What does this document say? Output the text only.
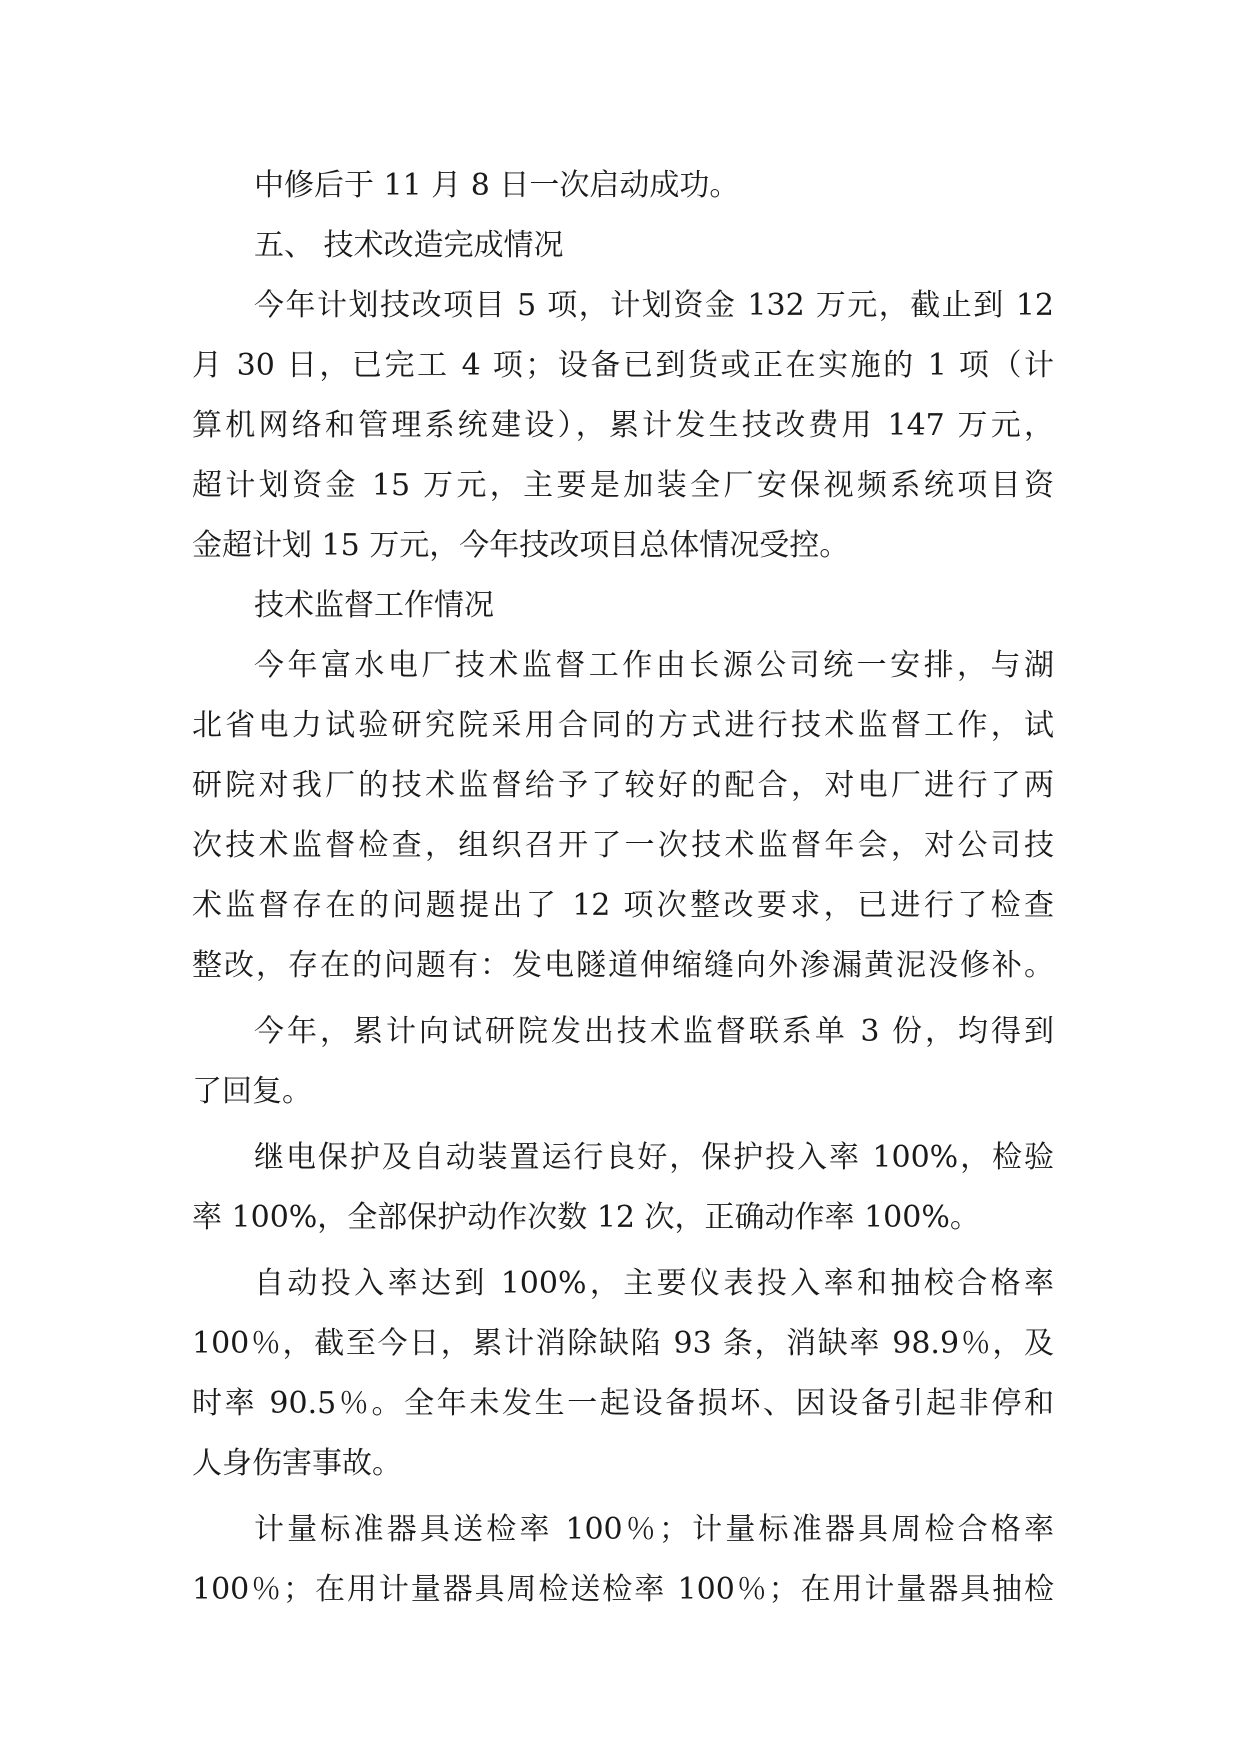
中修后于 11 月 8 日一次启动成功。
五、 技术改造完成情况
今年计划技改项目 5 项，计划资金 132 万元，截止到 12
月 30 日，已完工 4 项；设备已到货或正在实施的 1 项（计
算机网络和管理系统建设），累计发生技改费用 147 万元，
超计划资金 15 万元，主要是加装全厂安保视频系统项目资
金超计划 15 万元，今年技改项目总体情况受控。
技术监督工作情况
今年富水电厂技术监督工作由长源公司统一安排，与湖
北省电力试验研究院采用合同的方式进行技术监督工作，试
研院对我厂的技术监督给予了较好的配合，对电厂进行了两
次技术监督检查，组织召开了一次技术监督年会，对公司技
术监督存在的问题提出了 12 项次整改要求，已进行了检查
整改，存在的问题有：发电隧道伸缩缝向外渗漏黄泥没修补。
今年，累计向试研院发出技术监督联系单 3 份，均得到
了回复。
继电保护及自动装置运行良好，保护投入率 100%，检验
率 100%，全部保护动作次数 12 次，正确动作率 100%。
自动投入率达到 100%，主要仪表投入率和抽校合格率
100％，截至今日，累计消除缺陷 93 条，消缺率 98.9％，及
时率 90.5％。全年未发生一起设备损坏、因设备引起非停和
人身伤害事故。
计量标准器具送检率 100％；计量标准器具周检合格率
100％；在用计量器具周检送检率 100％；在用计量器具抽检
